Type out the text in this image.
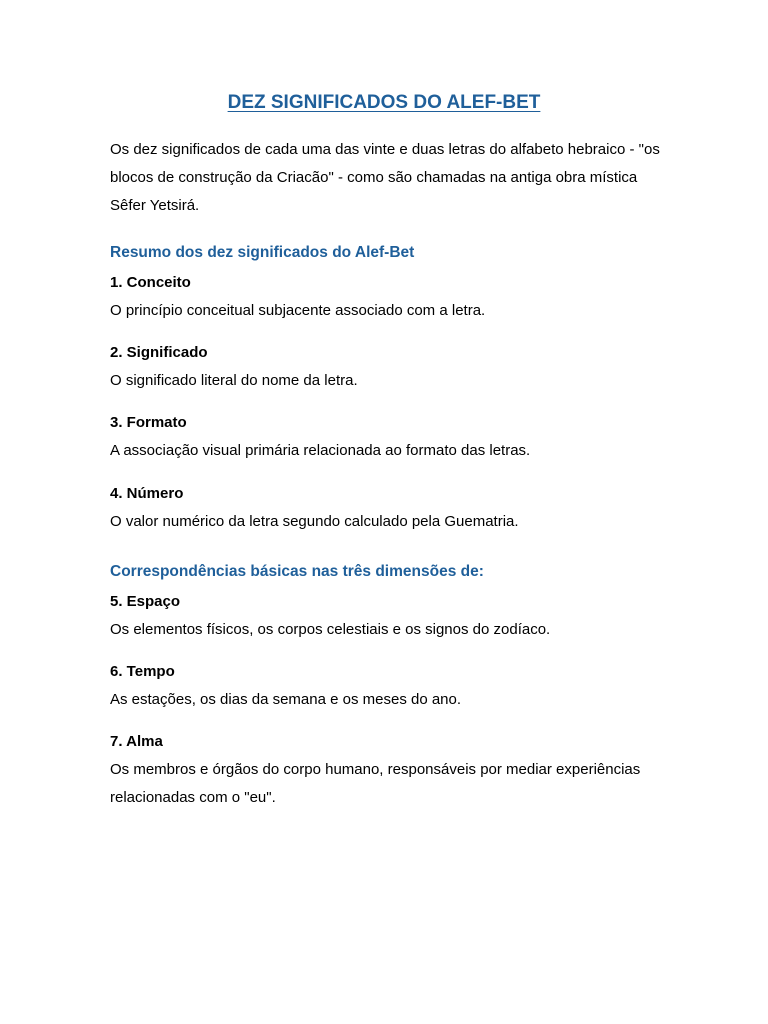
DEZ SIGNIFICADOS DO ALEF-BET

Os dez significados de cada uma das vinte e duas letras do alfabeto hebraico - "os blocos de construção da Criacão" - como são chamadas na antiga obra mística Sêfer Yetsirá.

Resumo dos dez significados do Alef-Bet

1. Conceito

O princípio conceitual subjacente associado com a letra.

2. Significado

O significado literal do nome da letra.

3. Formato

A associação visual primária relacionada ao formato das letras.

4. Número

O valor numérico da letra segundo calculado pela Guematria.

Correspondências básicas nas três dimensões de:

5. Espaço

Os elementos físicos, os corpos celestiais e os signos do zodíaco.

6. Tempo

As estações, os dias da semana e os meses do ano.

7. Alma

Os membros e órgãos do corpo humano, responsáveis por mediar experiências relacionadas com o "eu".
